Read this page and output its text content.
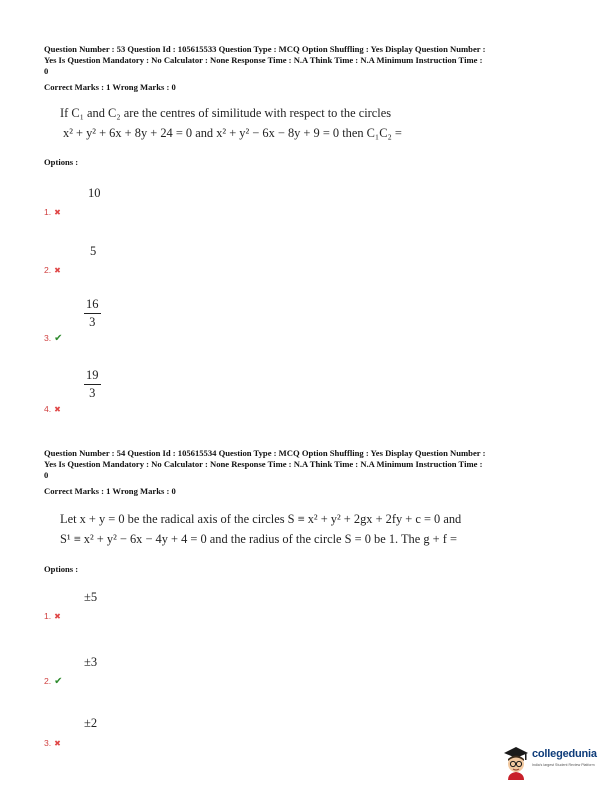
Question Number : 53 Question Id : 105615533 Question Type : MCQ Option Shuffling : Yes Display Question Number :
Yes Is Question Mandatory : No Calculator : None Response Time : N.A Think Time : N.A Minimum Instruction Time :
0
Correct Marks : 1 Wrong Marks : 0
If C₁ and C₂ are the centres of similitude with respect to the circles
x² + y² + 6x + 8y + 24 = 0 and x² + y² − 6x − 8y + 9 = 0 then C₁C₂ =
Options :
10
1. ✖
5
2. ✖
$\frac{16}{3}$
3. ✔
$\frac{19}{3}$
4. ✖
Question Number : 54 Question Id : 105615534 Question Type : MCQ Option Shuffling : Yes Display Question Number :
Yes Is Question Mandatory : No Calculator : None Response Time : N.A Think Time : N.A Minimum Instruction Time :
0
Correct Marks : 1 Wrong Marks : 0
Let x + y = 0 be the radical axis of the circles S ≡ x² + y² + 2gx + 2fy + c = 0 and
S¹ ≡ x² + y² − 6x − 4y + 4 = 0 and the radius of the circle S = 0 be 1. The g + f =
Options :
±5
1. ✖
±3
2. ✔
±2
3. ✖
collegedunia
India's largest Student Review Platform
